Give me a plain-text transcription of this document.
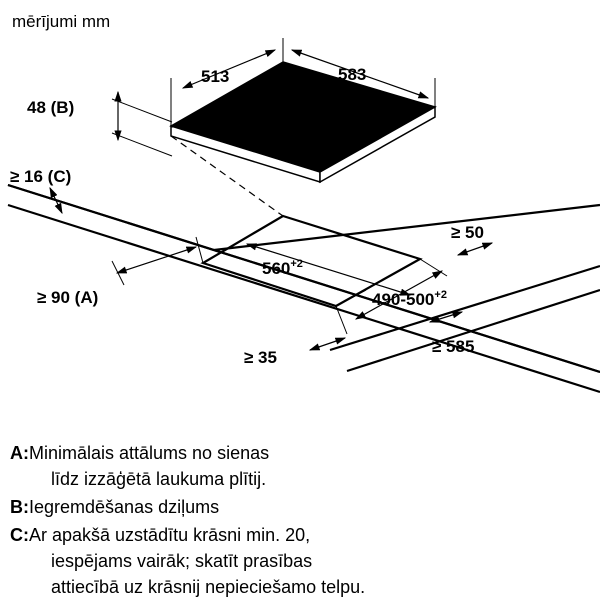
513	583
48 (B)
$560^{+2}$
$490-500^{+2}$
≥ 16 (C)
≥ 90 (A)
≥ 50
≥ 35
≥ 585
mērījumi mm
A: Minimālais attālums no sienas
līdz izzāģētā laukuma plītij.
B: Iegremdēšanas dziļums
C: Ar apakšā uzstādītu krāsni min. 20,
iespējams vairāk; skatīt prasības
attiecībā uz krāsnij nepieciešamo telpu.
